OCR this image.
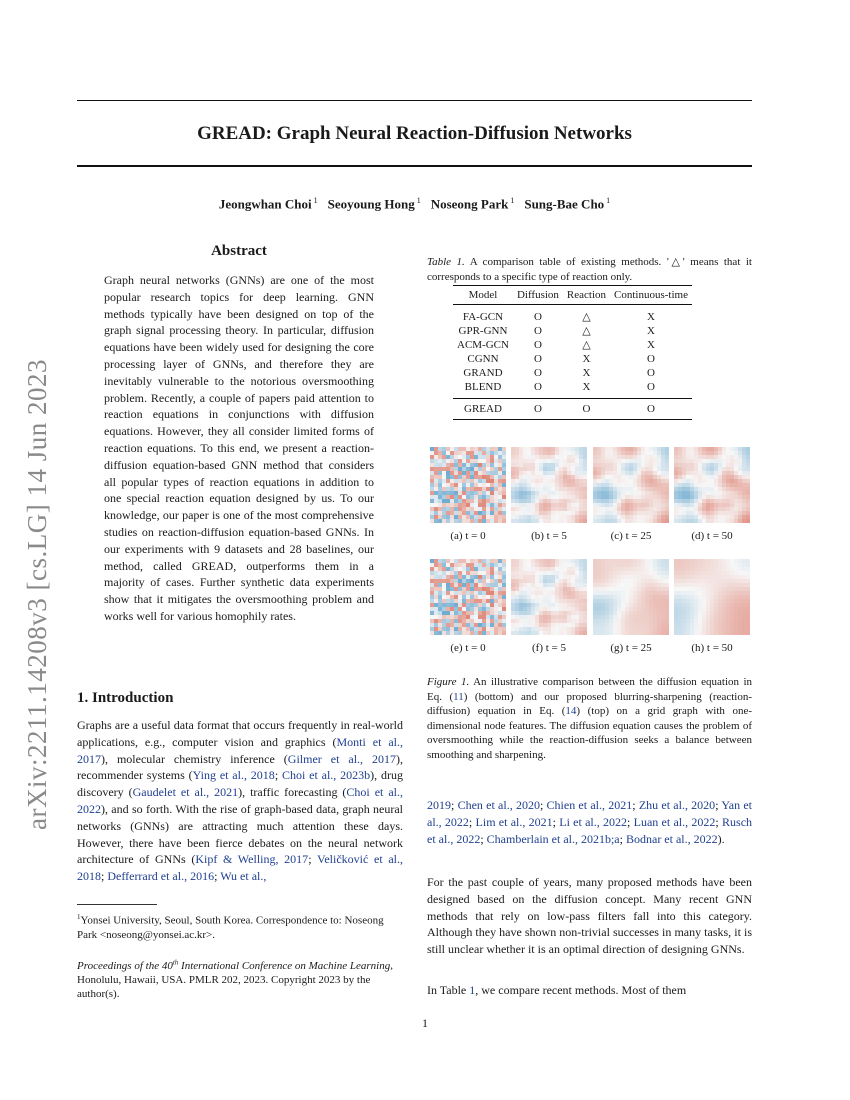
arXiv:2211.14208v3 [cs.LG] 14 Jun 2023
GREAD: Graph Neural Reaction-Diffusion Networks
Jeongwhan Choi $^1$ Seoyoung Hong $^1$ Noseong Park $^1$ Sung-Bae Cho $^1$
Abstract
Graph neural networks (GNNs) are one of the most popular research topics for deep learning. GNN methods typically have been designed on top of the graph signal processing theory. In particular, diffusion equations have been widely used for designing the core processing layer of GNNs, and therefore they are inevitably vulnerable to the notorious oversmoothing problem. Recently, a couple of papers paid attention to reaction equations in conjunctions with diffusion equations. However, they all consider limited forms of reaction equations. To this end, we present a reaction-diffusion equation-based GNN method that considers all popular types of reaction equations in addition to one special reaction equation designed by us. To our knowledge, our paper is one of the most comprehensive studies on reaction-diffusion equation-based GNNs. In our experiments with 9 datasets and 28 baselines, our method, called GREAD, outperforms them in a majority of cases. Further synthetic data experiments show that it mitigates the oversmoothing problem and works well for various homophily rates.
1. Introduction
Graphs are a useful data format that occurs frequently in real-world applications, e.g., computer vision and graphics (Monti et al., 2017), molecular chemistry inference (Gilmer et al., 2017), recommender systems (Ying et al., 2018; Choi et al., 2023b), drug discovery (Gaudelet et al., 2021), traffic forecasting (Choi et al., 2022), and so forth. With the rise of graph-based data, graph neural networks (GNNs) are attracting much attention these days. However, there have been fierce debates on the neural network architecture of GNNs (Kipf & Welling, 2017; Veličković et al., 2018; Defferrard et al., 2016; Wu et al.,
$^1$Yonsei University, Seoul, South Korea. Correspondence to: Noseong Park <noseong@yonsei.ac.kr>.
Proceedings of the 40th International Conference on Machine Learning, Honolulu, Hawaii, USA. PMLR 202, 2023. Copyright 2023 by the author(s).
Table 1. A comparison table of existing methods. '△' means that it corresponds to a specific type of reaction only.
Model	Diffusion	Reaction	Continuous-time
FA-GCN	O	△	X
GPR-GNN	O	△	X
ACM-GCN	O	△	X
CGNN	O	X	O
GRAND	O	X	O
BLEND	O	X	O
GREAD	O	O	O
(a) t = 0	(b) t = 5	(c) t = 25	(d) t = 50
(e) t = 0	(f) t = 5	(g) t = 25	(h) t = 50
Figure 1. An illustrative comparison between the diffusion equation in Eq. (11) (bottom) and our proposed blurring-sharpening (reaction-diffusion) equation in Eq. (14) (top) on a grid graph with one-dimensional node features. The diffusion equation causes the problem of oversmoothing while the reaction-diffusion seeks a balance between smoothing and sharpening.
2019; Chen et al., 2020; Chien et al., 2021; Zhu et al., 2020; Yan et al., 2022; Lim et al., 2021; Li et al., 2022; Luan et al., 2022; Rusch et al., 2022; Chamberlain et al., 2021b;a; Bodnar et al., 2022).
For the past couple of years, many proposed methods have been designed based on the diffusion concept. Many recent GNN methods that rely on low-pass filters fall into this category. Although they have shown non-trivial successes in many tasks, it is still unclear whether it is an optimal direction of designing GNNs.
In Table 1, we compare recent methods. Most of them
1
